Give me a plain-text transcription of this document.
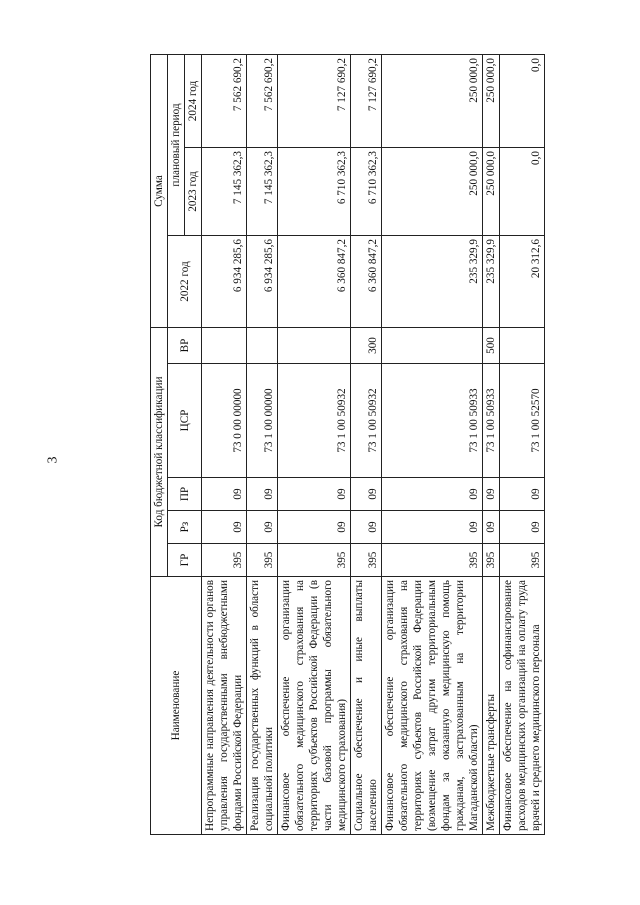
3
Наименование	Код бюджетной классификации					Сумма		
	ГР	Рз	ПР	ЦСР	ВР	2022 год	плановый период	
							2023 год	2024 год
Непрограммные направления деятельности органов управления государственными внебюджетными фондами Российской Федерации	395	09	09	73 0 00 00000		6 934 285,6	7 145 362,3	7 562 690,2
Реализация государственных функций в области социальной политики	395	09	09	73 1 00 00000		6 934 285,6	7 145 362,3	7 562 690,2
Финансовое обеспечение организации обязательного медицинского страхования на территориях субъектов Российской Федерации (в части базовой программы обязательного медицинского страхования)	395	09	09	73 1 00 50932		6 360 847,2	6 710 362,3	7 127 690,2
Социальное обеспечение и иные выплаты населению	395	09	09	73 1 00 50932	300	6 360 847,2	6 710 362,3	7 127 690,2
Финансовое обеспечение организации обязательного медицинского страхования на территориях субъектов Российской Федерации (возмещение затрат другим территориальным фондам за оказанную медицинскую помощь гражданам, застрахованным на территории Магаданской области)	395	09	09	73 1 00 50933		235 329,9	250 000,0	250 000,0
Межбюджетные трансферты	395	09	09	73 1 00 50933	500	235 329,9	250 000,0	250 000,0
Финансовое обеспечение на софинансирование расходов медицинских организаций на оплату труда врачей и среднего медицинского персонала	395	09	09	73 1 00 52570		20 312,6	0,0	0,0
